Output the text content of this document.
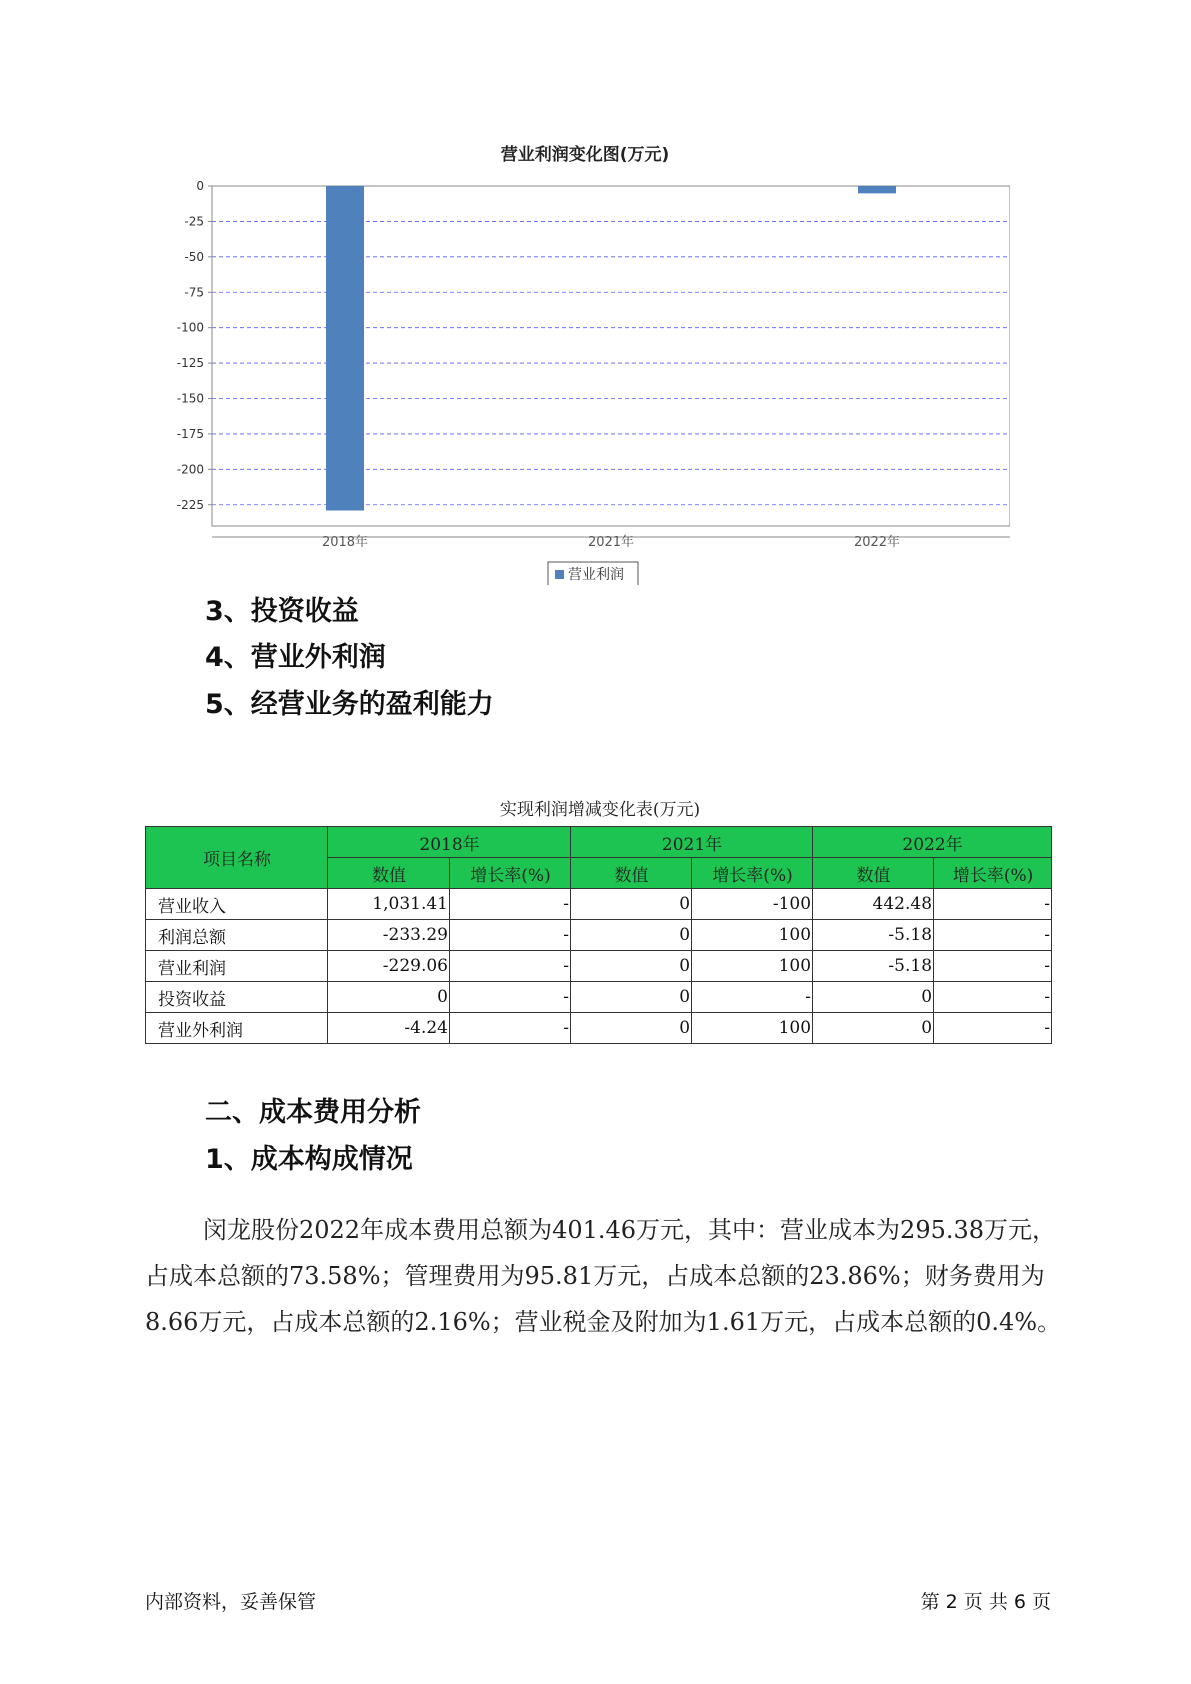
营业利润变化图(万元)
0
-25
-50
-75
-100
-125
-150
-175
-200
-225
2018年	2021年	2022年
营业利润
3、投资收益
4、营业外利润
5、经营业务的盈利能力
实现利润增减变化表(万元)
项目名称	2018年		2021年		2022年	
	数值	增长率(%)	数值	增长率(%)	数值	增长率(%)
营业收入	1,031.41	-	0	-100	442.48	-
利润总额	-233.29	-	0	100	-5.18	-
营业利润	-229.06	-	0	100	-5.18	-
投资收益	0	-	0	-	0	-
营业外利润	-4.24	-	0	100	0	-
二、成本费用分析
1、成本构成情况

闵龙股份2022年成本费用总额为401.46万元，其中：营业成本为295.38万元，占成本总额的73.58%；管理费用为95.81万元，占成本总额的23.86%；财务费用为8.66万元，占成本总额的2.16%；营业税金及附加为1.61万元，占成本总额的0.4%。

内部资料，妥善保管	第 2 页 共 6 页
